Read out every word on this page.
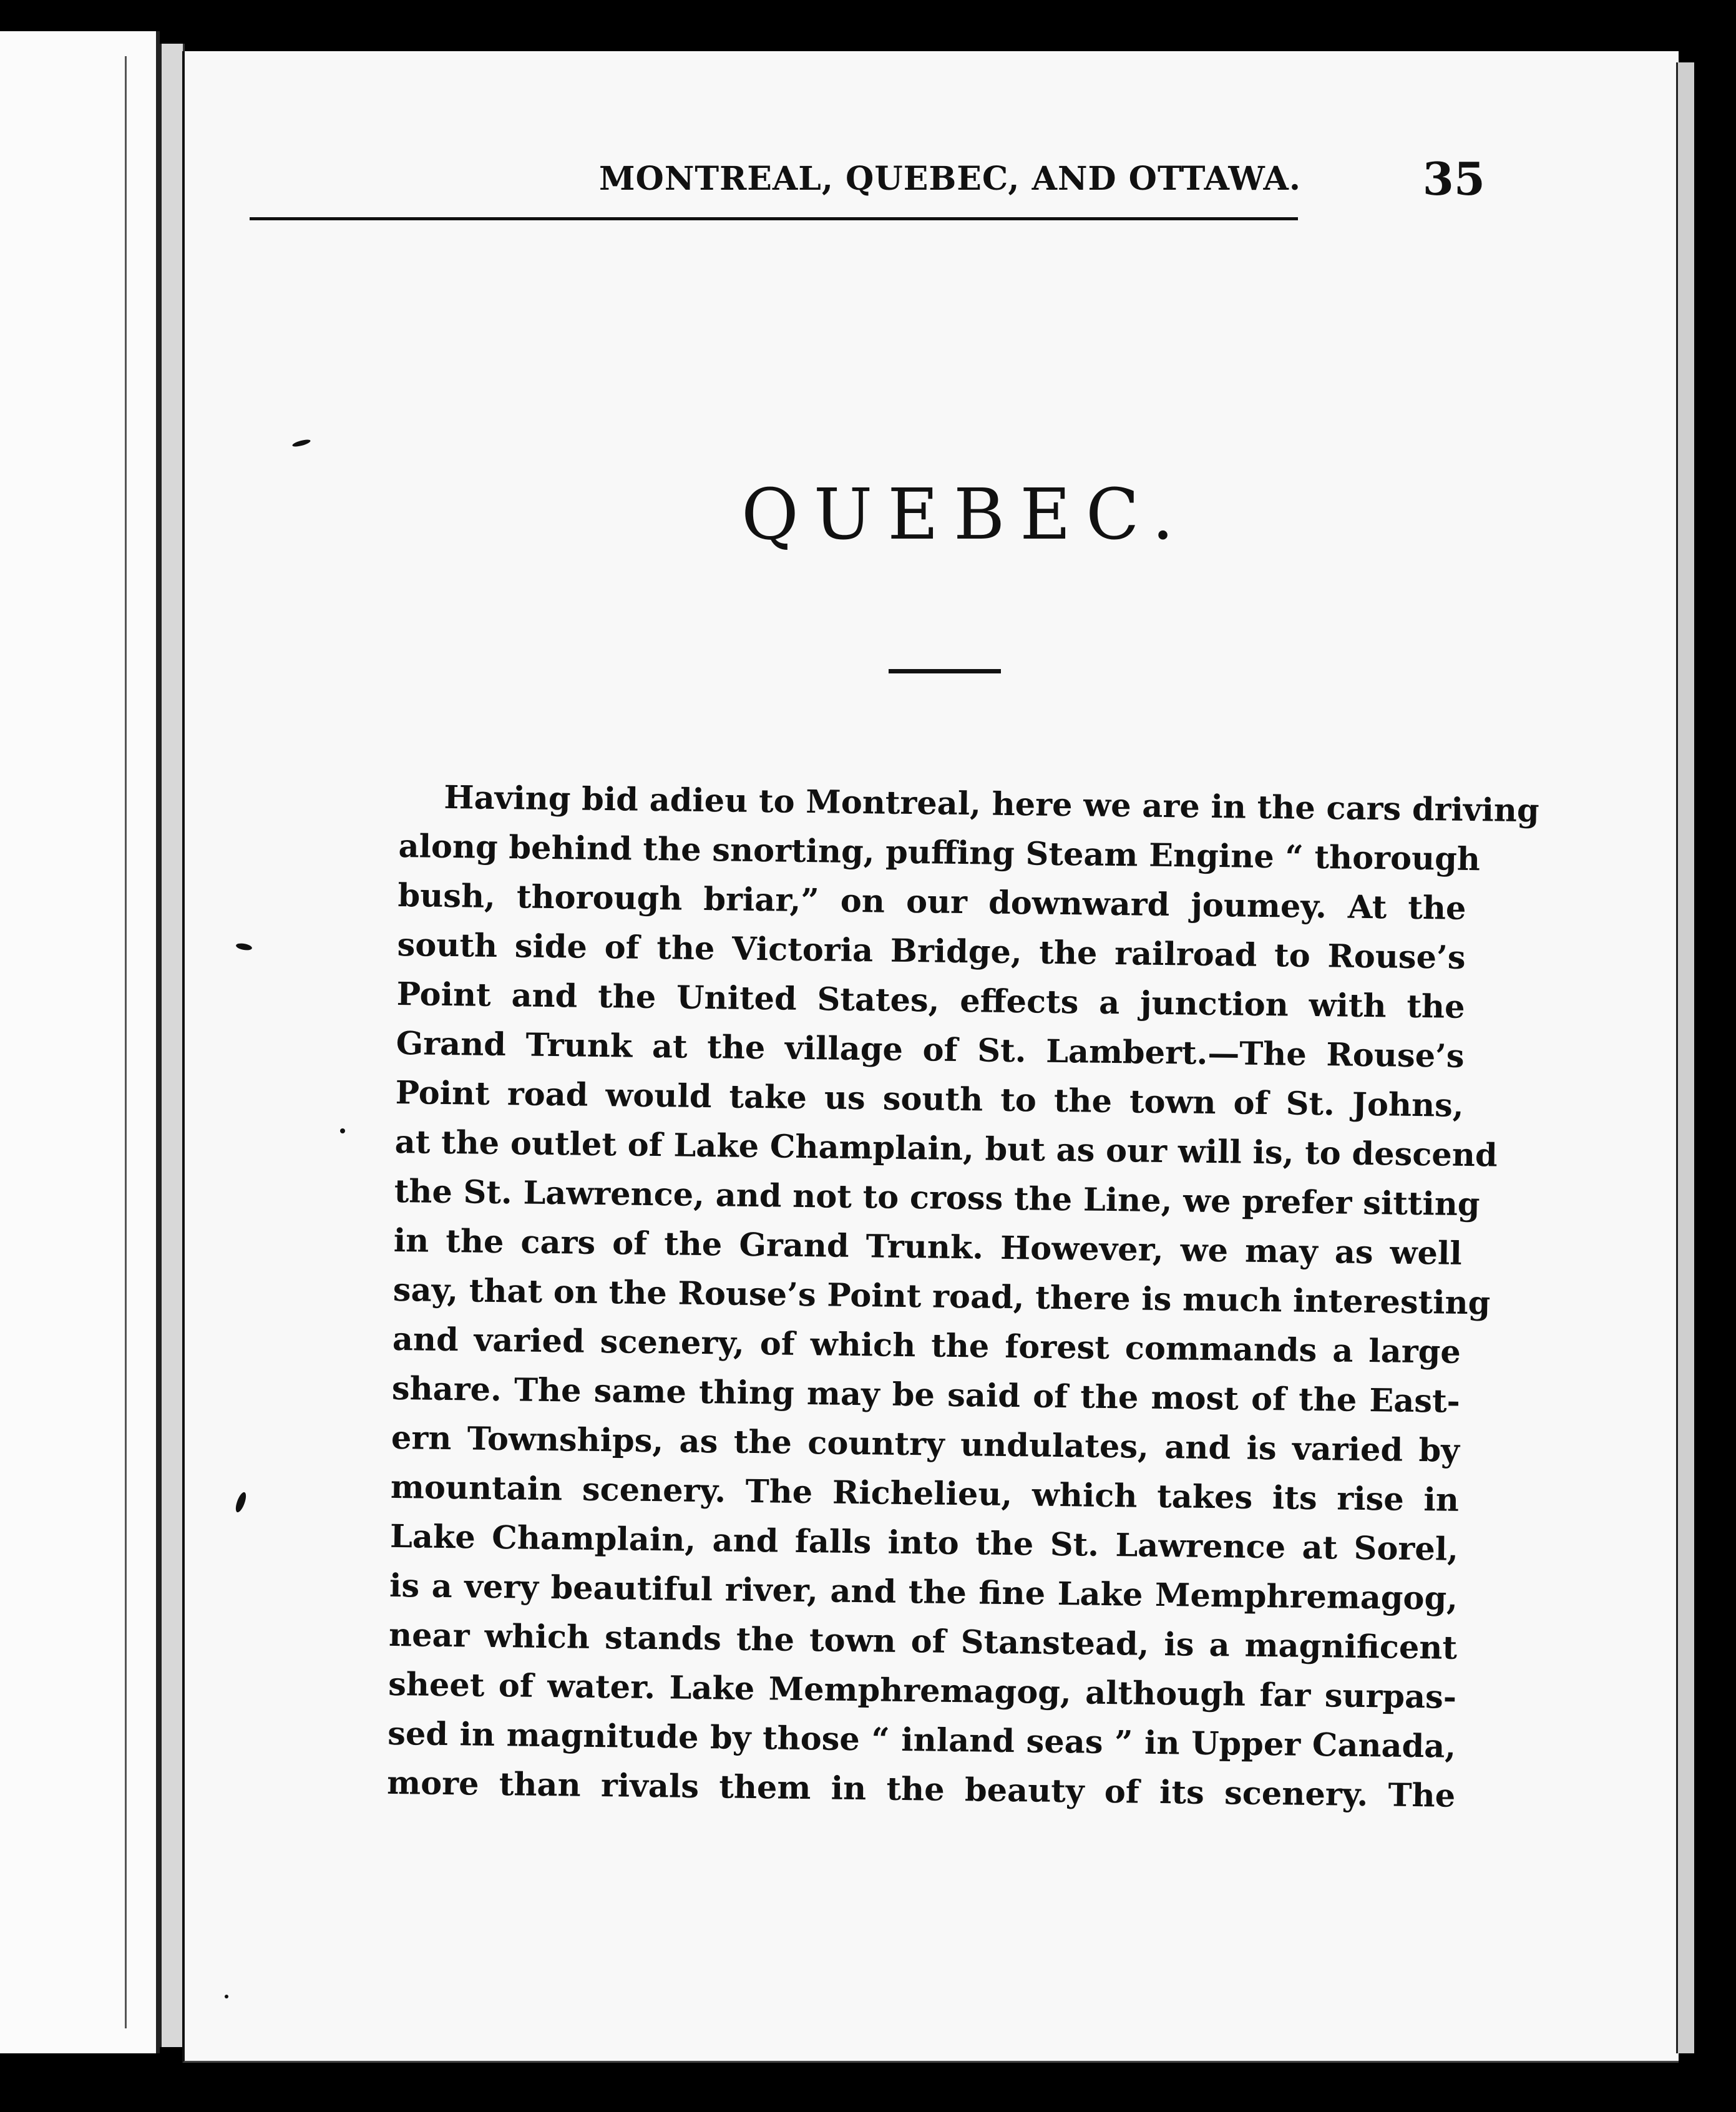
MONTREAL, QUEBEC, AND OTTAWA.	35
QUEBEC.
Having bid adieu to Montreal, here we are in the cars driving
along behind the snorting, puffing Steam Engine “ thorough
bush, thorough briar,” on our downward joumey. At the
south side of the Victoria Bridge, the railroad to Rouse’s
Point and the United States, effects a junction with the
Grand Trunk at the village of St. Lambert.—The Rouse’s
Point road would take us south to the town of St. Johns,
at the outlet of Lake Champlain, but as our will is, to descend
the St. Lawrence, and not to cross the Line, we prefer sitting
in the cars of the Grand Trunk. However, we may as well
say, that on the Rouse’s Point road, there is much interesting
and varied scenery, of which the forest commands a large
share. The same thing may be said of the most of the East-
ern Townships, as the country undulates, and is varied by
mountain scenery. The Richelieu, which takes its rise in
Lake Champlain, and falls into the St. Lawrence at Sorel,
is a very beautiful river, and the fine Lake Memphremagog,
near which stands the town of Stanstead, is a magnificent
sheet of water. Lake Memphremagog, although far surpas-
sed in magnitude by those “ inland seas ” in Upper Canada,
more than rivals them in the beauty of its scenery. The
